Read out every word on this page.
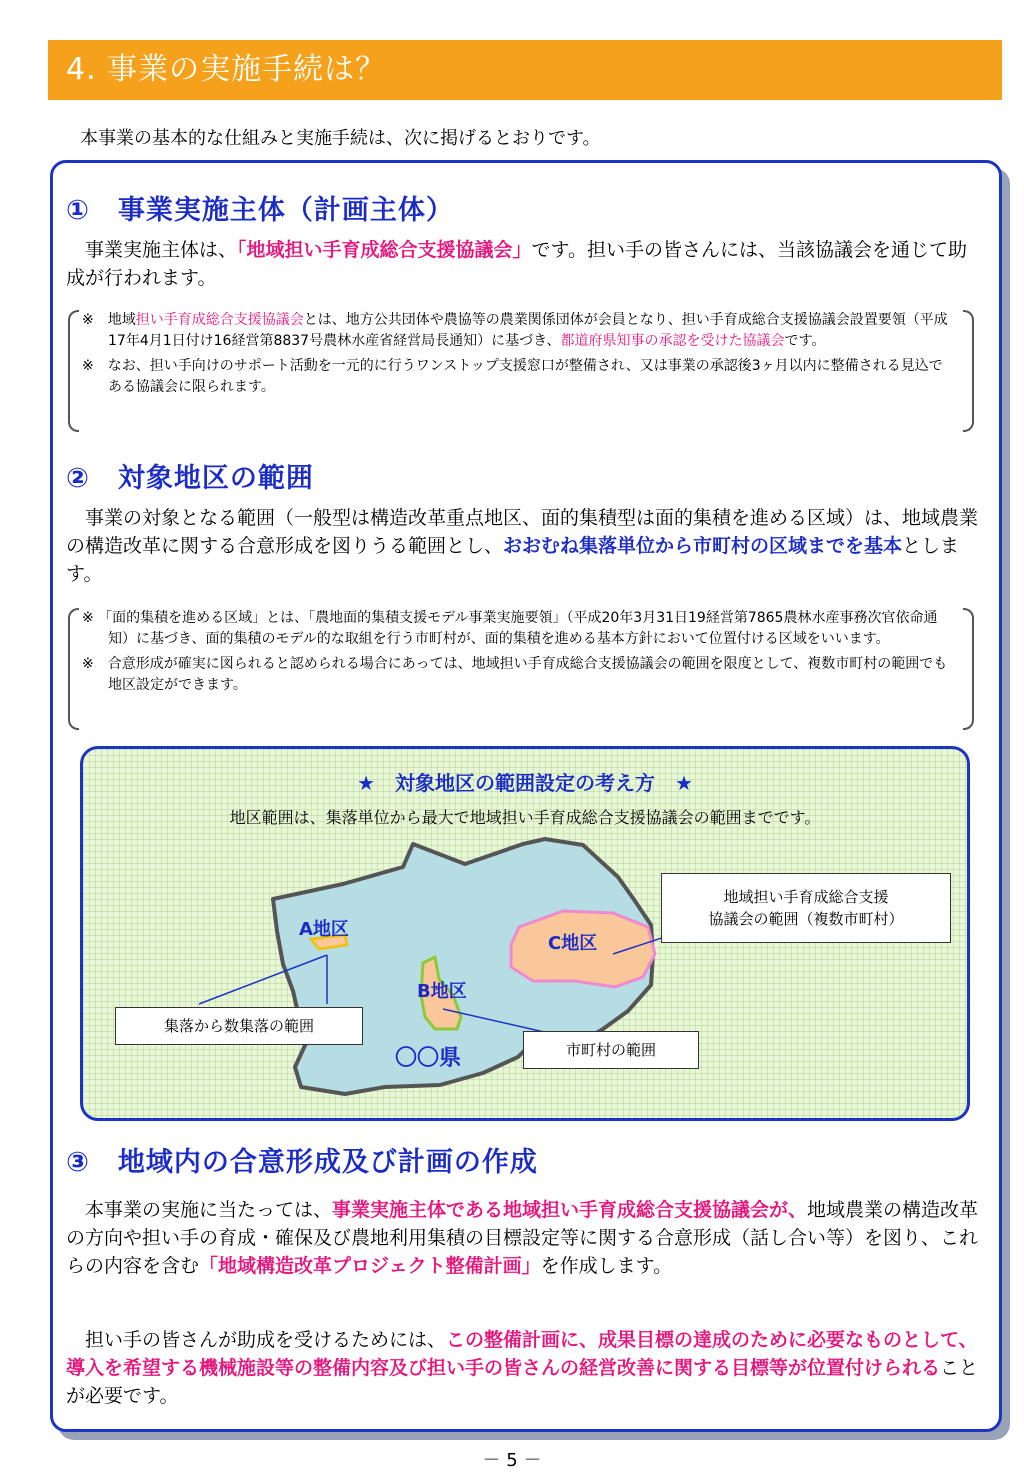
4. 事業の実施手続は？
本事業の基本的な仕組みと実施手続は、次に掲げるとおりです。
①　事業実施主体（計画主体）
事業実施主体は、「地域担い手育成総合支援協議会」です。担い手の皆さんには、当該協議会を通じて助成が行われます。

※　地域担い手育成総合支援協議会とは、地方公共団体や農協等の農業関係団体が会員となり、担い手育成総合支援協議会設置要領（平成17年4月1日付け16経営第8837号農林水産省経営局長通知）に基づき、都道府県知事の承認を受けた協議会です。

※　なお、担い手向けのサポート活動を一元的に行うワンストップ支援窓口が整備され、又は事業の承認後3ヶ月以内に整備される見込である協議会に限られます。

②　対象地区の範囲
事業の対象となる範囲（一般型は構造改革重点地区、面的集積型は面的集積を進める区域）は、地域農業の構造改革に関する合意形成を図りうる範囲とし、おおむね集落単位から市町村の区域までを基本とします。

※ 「面的集積を進める区域」とは、「農地面的集積支援モデル事業実施要領」（平成20年3月31日19経営第7865農林水産事務次官依命通知）に基づき、面的集積のモデル的な取組を行う市町村が、面的集積を進める基本方針において位置付ける区域をいいます。

※　合意形成が確実に図られると認められる場合にあっては、地域担い手育成総合支援協議会の範囲を限度として、複数市町村の範囲でも地区設定ができます。

★　対象地区の範囲設定の考え方　★
地区範囲は、集落単位から最大で地域担い手育成総合支援協議会の範囲までです。
A地区
B地区
C地区
〇〇県
地域担い手育成総合支援
協議会の範囲（複数市町村）
集落から数集落の範囲
市町村の範囲
③　地域内の合意形成及び計画の作成
本事業の実施に当たっては、事業実施主体である地域担い手育成総合支援協議会が、地域農業の構造改革の方向や担い手の育成・確保及び農地利用集積の目標設定等に関する合意形成（話し合い等）を図り、これらの内容を含む「地域構造改革プロジェクト整備計画」を作成します。
担い手の皆さんが助成を受けるためには、この整備計画に、成果目標の達成のために必要なものとして、導入を希望する機械施設等の整備内容及び担い手の皆さんの経営改善に関する目標等が位置付けられることが必要です。
－ 5 －
